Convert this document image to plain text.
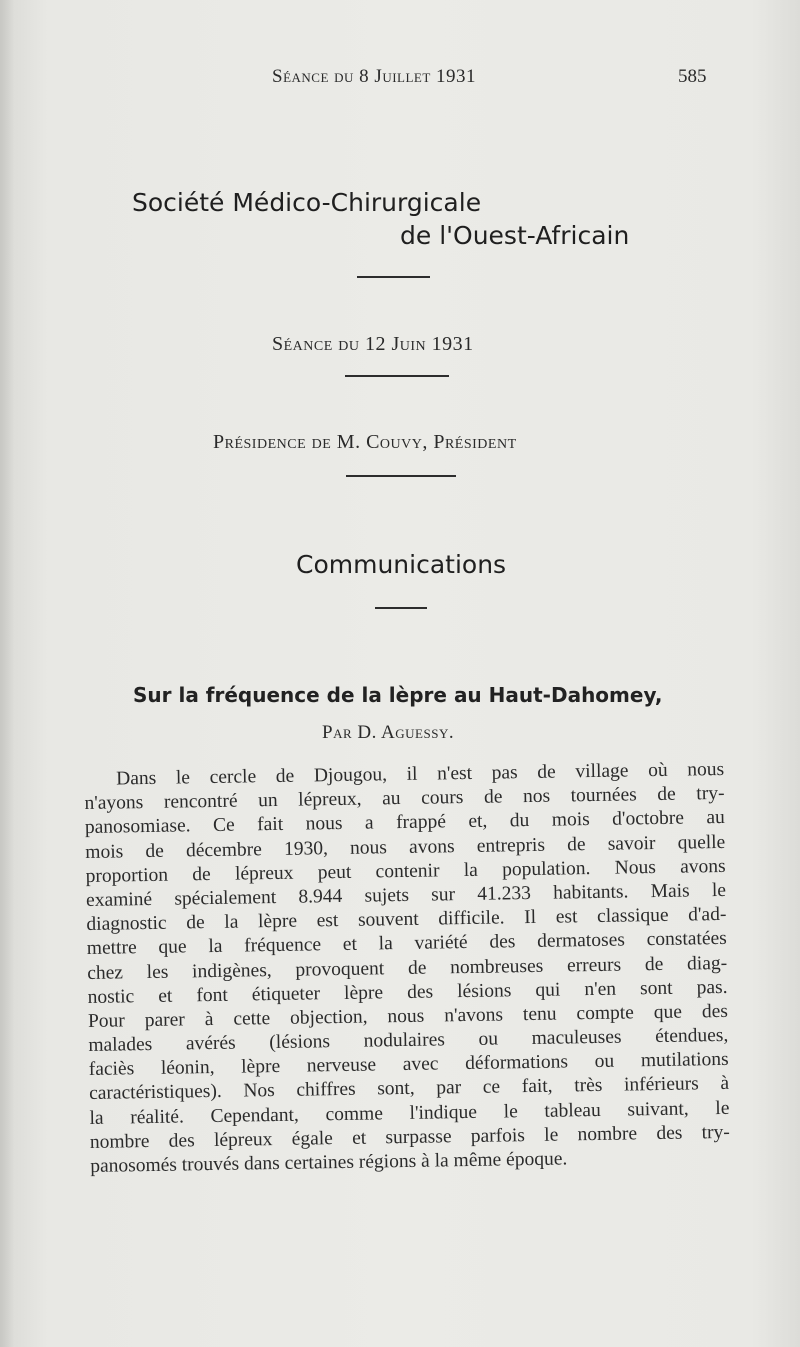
Séance du 8 Juillet 1931	585
Société Médico-Chirurgicale
de l'Ouest-Africain
Séance du 12 Juin 1931
Présidence de M. Couvy, Président
Communications
Sur la fréquence de la lèpre au Haut-Dahomey,
Par D. Aguessy.
Dans le cercle de Djougou, il n'est pas de village où nous
n'ayons rencontré un lépreux, au cours de nos tournées de try-
panosomiase. Ce fait nous a frappé et, du mois d'octobre au
mois de décembre 1930, nous avons entrepris de savoir quelle
proportion de lépreux peut contenir la population. Nous avons
examiné spécialement 8.944 sujets sur 41.233 habitants. Mais le
diagnostic de la lèpre est souvent difficile. Il est classique d'ad-
mettre que la fréquence et la variété des dermatoses constatées
chez les indigènes, provoquent de nombreuses erreurs de diag-
nostic et font étiqueter lèpre des lésions qui n'en sont pas.
Pour parer à cette objection, nous n'avons tenu compte que des
malades avérés (lésions nodulaires ou maculeuses étendues,
faciès léonin, lèpre nerveuse avec déformations ou mutilations
caractéristiques). Nos chiffres sont, par ce fait, très inférieurs à
la réalité. Cependant, comme l'indique le tableau suivant, le
nombre des lépreux égale et surpasse parfois le nombre des try-
panosomés trouvés dans certaines régions à la même époque.
